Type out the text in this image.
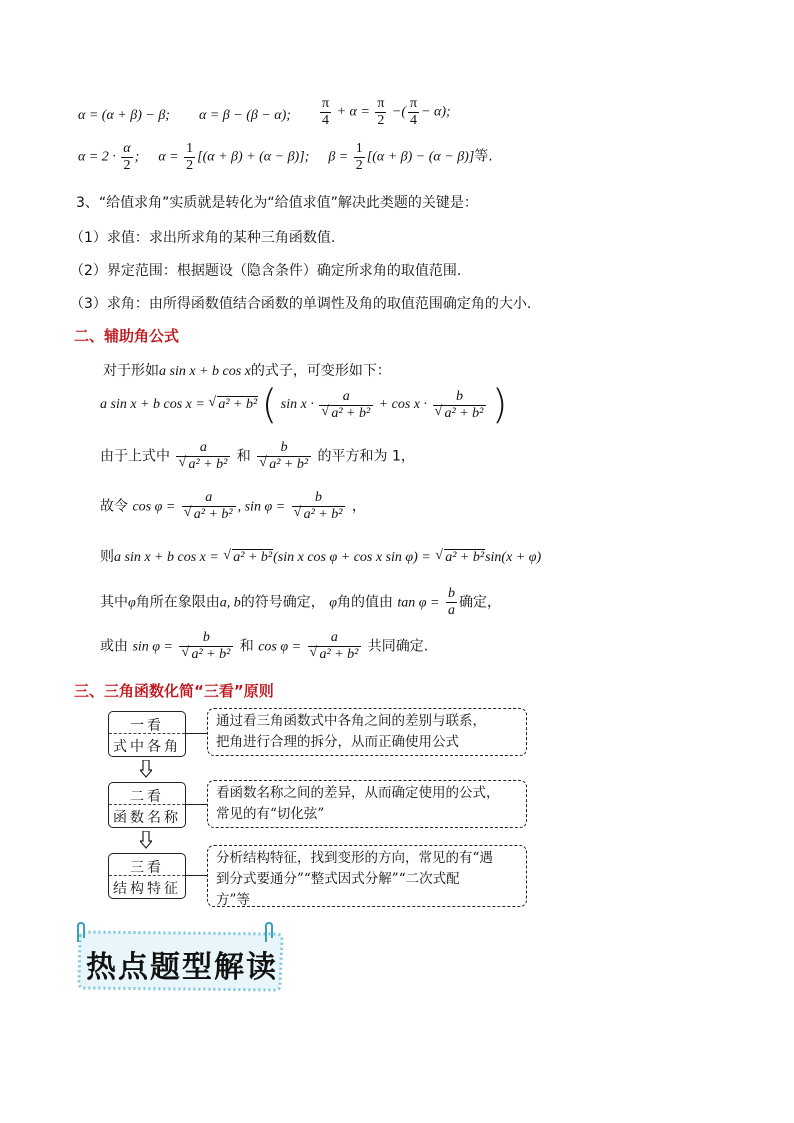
α = (α + β) − β; α = β − (β − α); $\frac{\pi}{4} + \alpha = \frac{\pi}{2}$ −( $\frac{\pi}{4} - \alpha$);
$\alpha = 2 \cdot \frac{\alpha}{2}$ ; $\alpha = \frac{1}{2} [(\alpha + \beta) + (\alpha - \beta)]$; $\beta = \frac{1}{2} [(\alpha + \beta) - (\alpha - \beta)]$等.
3、“给值求角”实质就是转化为“给值求值”解决此类题的关键是：
（1）求值：求出所求角的某种三角函数值.
（2）界定范围：根据题设（隐含条件）确定所求角的取值范围.
（3）求角：由所得函数值结合函数的单调性及角的取值范围确定角的大小.
二、辅助角公式
对于形如a sin x + b cos x的式子，可变形如下：
a sin x + b cos x = √ a² + b² ( $\sin x \cdot \frac{a}{\text{√ a² + b²}} + \cos x \cdot \frac{b}{\text{√ a² + b²}}$ )
由于上式中 $\frac{a}{\text{√ a² + b²}}$ 和 $\frac{b}{\text{√ a² + b²}}$ 的平方和为 1，
故令 $\cos \varphi = \frac{a}{\text{√ a² + b²}}$ , $\sin \varphi = \frac{b}{\text{√ a² + b²}}$ ，
则a sin x + b cos x = √ a² + b²(sin x cos φ + cos x sin φ) = √ a² + b²sin(x + φ)
其中φ角所在象限由a, b的符号确定， φ角的值由 $\tan \varphi = \frac{b}{a}$ 确定，
或由 $\sin \varphi = \frac{b}{\text{√ a² + b²}}$ 和 $\cos \varphi = \frac{a}{\text{√ a² + b²}}$ 共同确定.
三、三角函数化简“三看”原则
一看
式中各角
通过看三角函数式中各角之间的差别与联系，
把角进行合理的拆分，从而正确使用公式
二看
函数名称
看函数名称之间的差异，从而确定使用的公式，
常见的有“切化弦”
三看
结构特征
分析结构特征，找到变形的方向，常见的有“遇
到分式要通分”“整式因式分解”“二次式配
方”等
热点题型解读
